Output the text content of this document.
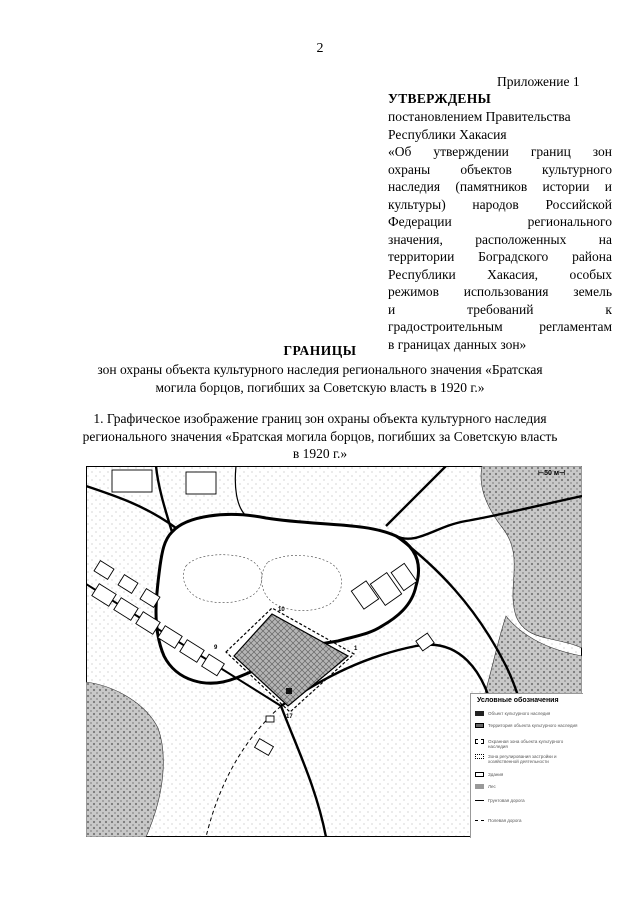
2
Приложение 1
УТВЕРЖДЕНЫ
постановлением Правительства
Республики Хакасия
«Об утверждении границ зон
охраны объектов культурного
наследия (памятников истории и
культуры) народов Российской
Федерации регионального
значения, расположенных на
территории Боградского района
Республики Хакасия, особых
режимов использования земель
и требований к
градостроительным регламентам
в границах данных зон»
ГРАНИЦЫ
зон охраны объекта культурного наследия регионального значения «Братская
могила борцов, погибших за Советскую власть в 1920 г.»
1. Графическое изображение границ зон охраны объекта культурного наследия
регионального значения «Братская могила борцов, погибших за Советскую власть
в 1920 г.»
9
10
1
17
⊢50 м⊣
Условные обозначения
Объект культурного наследия
Территория объекта культурного наследия
Охранная зона объекта культурного наследия
Зона регулирования застройки и хозяйственной деятельности
Здания
Лес
Грунтовая дорога
Полевая дорога
